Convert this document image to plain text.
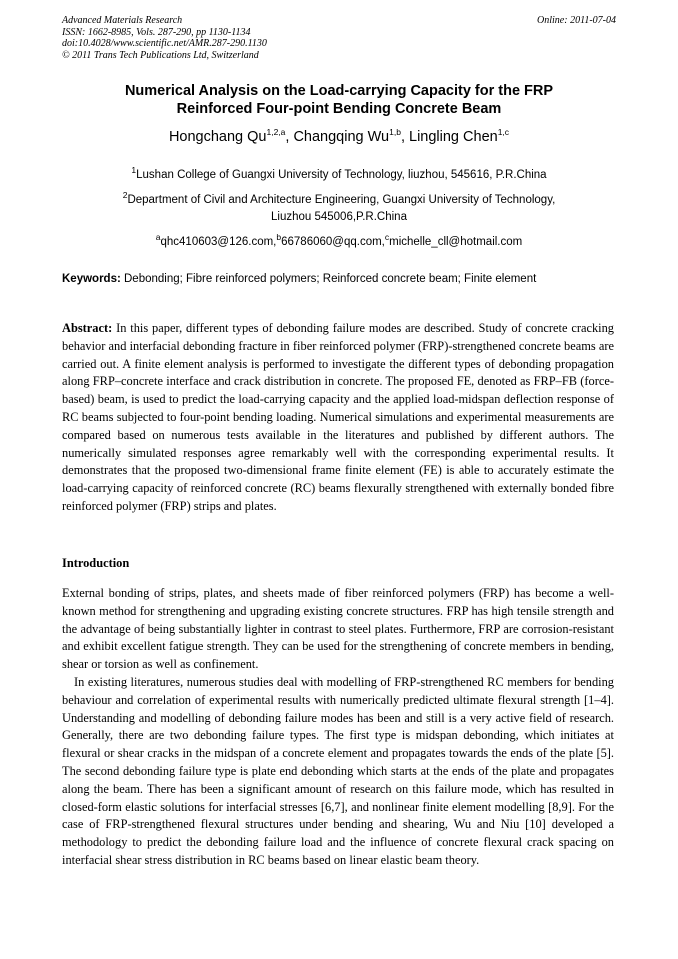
Advanced Materials Research	Online: 2011-07-04
ISSN: 1662-8985, Vols. 287-290, pp 1130-1134
doi:10.4028/www.scientific.net/AMR.287-290.1130
© 2011 Trans Tech Publications Ltd, Switzerland
Numerical Analysis on the Load-carrying Capacity for the FRP
Reinforced Four-point Bending Concrete Beam
Hongchang Qu$^{1,2,a}$, Changqing Wu$^{1,b}$, Lingling Chen$^{1,c}$
$^1$Lushan College of Guangxi University of Technology, liuzhou, 545616, P.R.China
$^2$Department of Civil and Architecture Engineering, Guangxi University of Technology,
Liuzhou 545006,P.R.China
$^a$qhc410603@126.com,$^b$66786060@qq.com,$^c$michelle_cll@hotmail.com
Keywords: Debonding; Fibre reinforced polymers; Reinforced concrete beam; Finite element
Abstract: In this paper, different types of debonding failure modes are described. Study of concrete cracking behavior and interfacial debonding fracture in fiber reinforced polymer (FRP)-strengthened concrete beams are carried out. A finite element analysis is performed to investigate the different types of debonding propagation along FRP–concrete interface and crack distribution in concrete. The proposed FE, denoted as FRP–FB (force-based) beam, is used to predict the load-carrying capacity and the applied load-midspan deflection response of RC beams subjected to four-point bending loading. Numerical simulations and experimental measurements are compared based on numerous tests available in the literatures and published by different authors. The numerically simulated responses agree remarkably well with the corresponding experimental results. It demonstrates that the proposed two-dimensional frame finite element (FE) is able to accurately estimate the load-carrying capacity of reinforced concrete (RC) beams flexurally strengthened with externally bonded fibre reinforced polymer (FRP) strips and plates.
Introduction

External bonding of strips, plates, and sheets made of fiber reinforced polymers (FRP) has become a well-known method for strengthening and upgrading existing concrete structures. FRP has high tensile strength and the advantage of being substantially lighter in contrast to steel plates. Furthermore, FRP are corrosion-resistant and exhibit excellent fatigue strength. They can be used for the strengthening of concrete members in bending, shear or torsion as well as confinement.

In existing literatures, numerous studies deal with modelling of FRP-strengthened RC members for bending behaviour and correlation of experimental results with numerically predicted ultimate flexural strength [1–4]. Understanding and modelling of debonding failure modes has been and still is a very active field of research. Generally, there are two debonding failure types. The first type is midspan debonding, which initiates at flexural or shear cracks in the midspan of a concrete element and propagates towards the ends of the plate [5]. The second debonding failure type is plate end debonding which starts at the ends of the plate and propagates along the beam. There has been a significant amount of research on this failure mode, which has resulted in closed-form elastic solutions for interfacial stresses [6,7], and nonlinear finite element modelling [8,9]. For the case of FRP-strengthened flexural structures under bending and shearing, Wu and Niu [10] developed a methodology to predict the debonding failure load and the influence of concrete flexural crack spacing on interfacial shear stress distribution in RC beams based on linear elastic beam theory.
